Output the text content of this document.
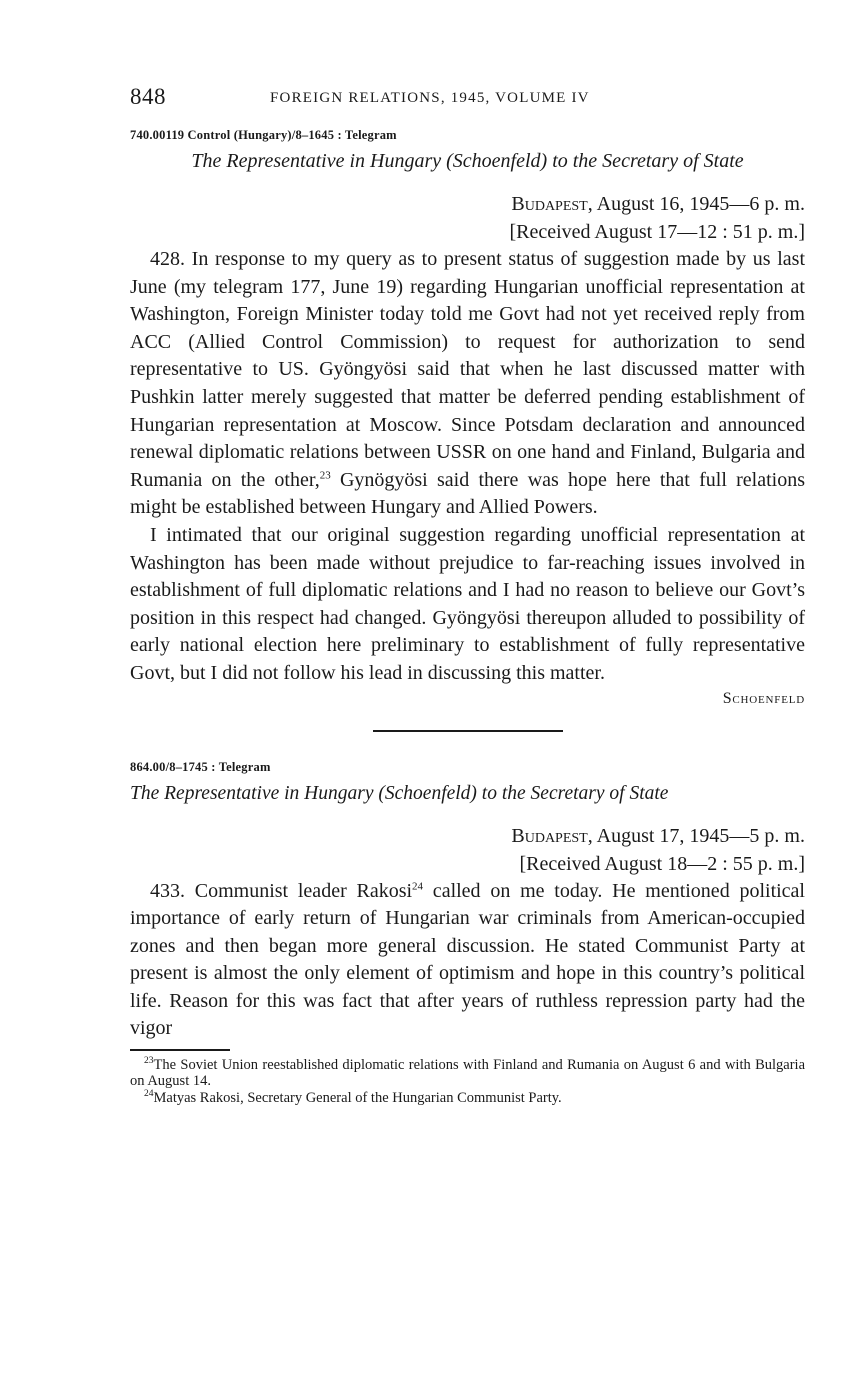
848	FOREIGN RELATIONS, 1945, VOLUME IV
740.00119 Control (Hungary)/8–1645 : Telegram
The Representative in Hungary (Schoenfeld) to the Secretary of State
Budapest, August 16, 1945—6 p. m.
[Received August 17—12 : 51 p. m.]

428. In response to my query as to present status of suggestion made by us last June (my telegram 177, June 19) regarding Hungarian unofficial representation at Washington, Foreign Minister today told me Govt had not yet received reply from ACC (Allied Control Commission) to request for authorization to send representative to US. Gyöngyösi said that when he last discussed matter with Pushkin latter merely suggested that matter be deferred pending establishment of Hungarian representation at Moscow. Since Potsdam declaration and announced renewal diplomatic relations between USSR on one hand and Finland, Bulgaria and Rumania on the other,$^{23}$ Gynögyösi said there was hope here that full relations might be established between Hungary and Allied Powers.

I intimated that our original suggestion regarding unofficial representation at Washington has been made without prejudice to far-reaching issues involved in establishment of full diplomatic relations and I had no reason to believe our Govt’s position in this respect had changed. Gyöngyösi thereupon alluded to possibility of early national election here preliminary to establishment of fully representative Govt, but I did not follow his lead in discussing this matter.

Schoenfeld
864.00/8–1745 : Telegram
The Representative in Hungary (Schoenfeld) to the Secretary of State
Budapest, August 17, 1945—5 p. m.
[Received August 18—2 : 55 p. m.]

433. Communist leader Rakosi$^{24}$ called on me today. He mentioned political importance of early return of Hungarian war criminals from American-occupied zones and then began more general discussion. He stated Communist Party at present is almost the only element of optimism and hope in this country’s political life. Reason for this was fact that after years of ruthless repression party had the vigor

$^{23}$The Soviet Union reestablished diplomatic relations with Finland and Rumania on August 6 and with Bulgaria on August 14.

$^{24}$Matyas Rakosi, Secretary General of the Hungarian Communist Party.
